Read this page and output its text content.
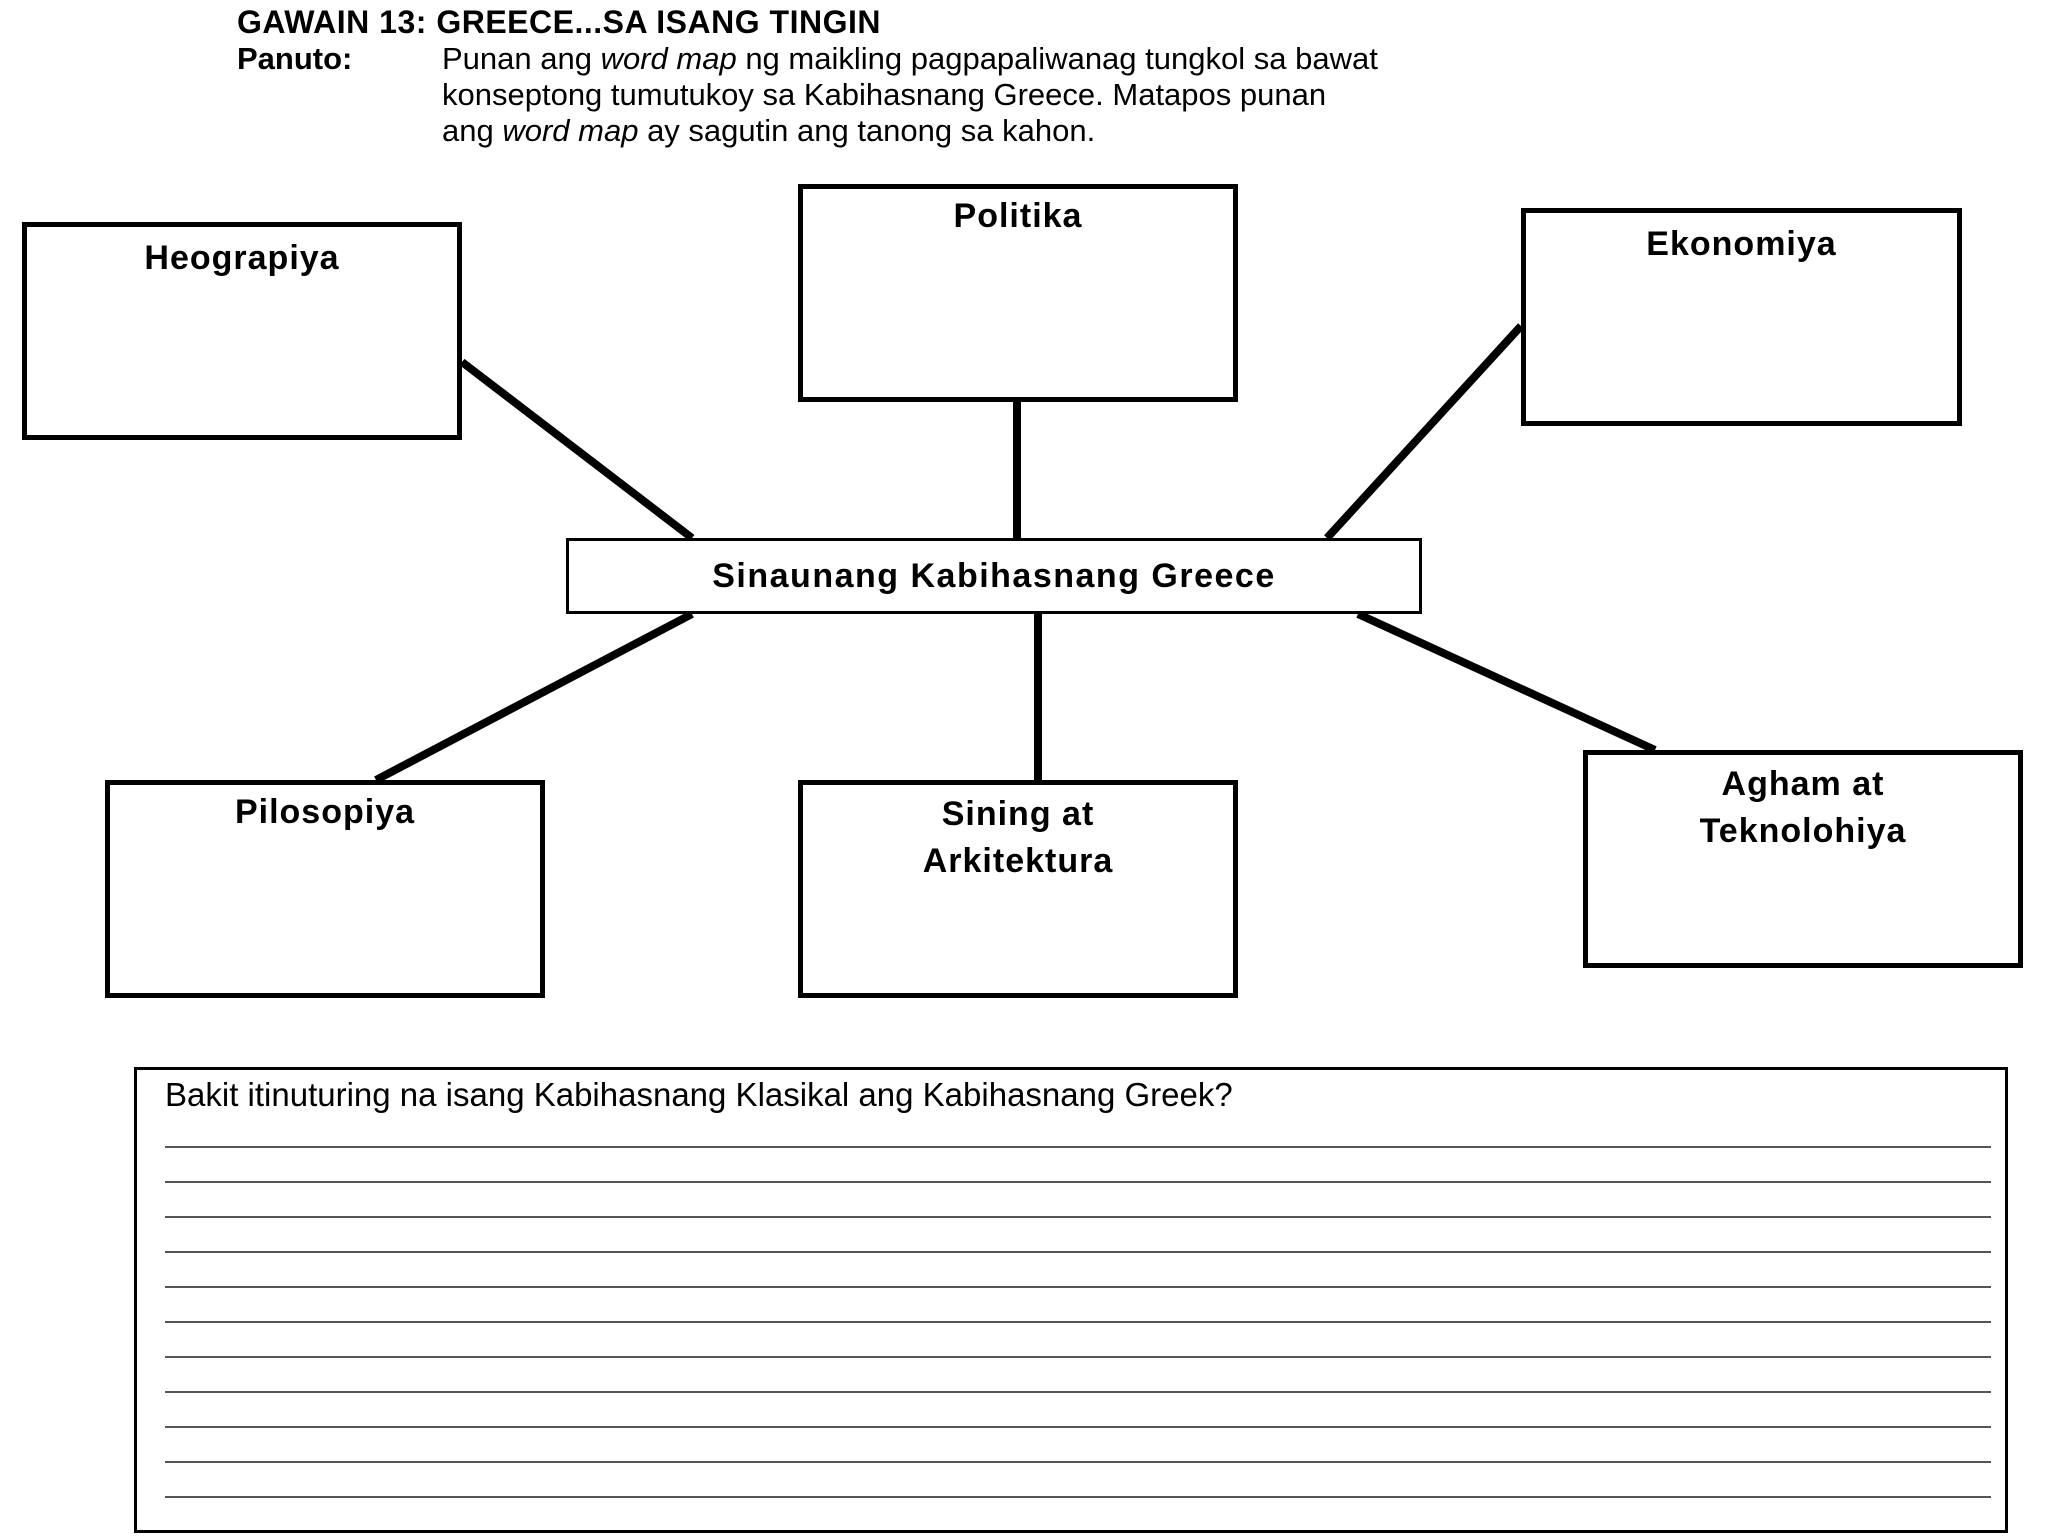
GAWAIN 13: GREECE...SA ISANG TINGIN
Panuto:	Punan ang word map ng maikling pagpapaliwanag tungkol sa bawat
konseptong tumutukoy sa Kabihasnang Greece. Matapos punan
ang word map ay sagutin ang tanong sa kahon.
Heograpiya
Politika
Ekonomiya
Sinaunang Kabihasnang Greece
Pilosopiya	Sining at
Arkitektura
Agham at
Teknolohiya
Bakit itinuturing na isang Kabihasnang Klasikal ang Kabihasnang Greek?
